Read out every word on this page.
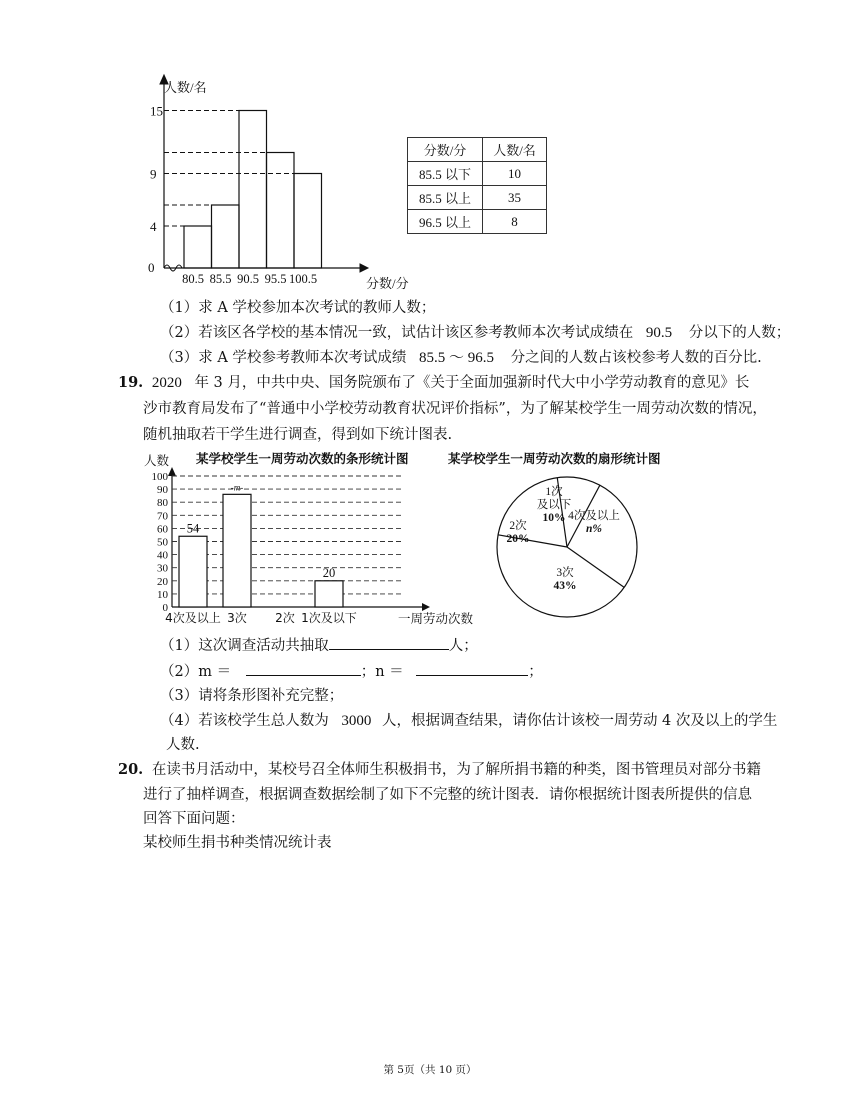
4
9
15
0
80.5 85.5 90.5 95.5 100.5
人数/名
分数/分
分数/分	人数/名
85.5 以下	10
85.5 以上	35
96.5 以上	8
（1）求 A 学校参加本次考试的教师人数；
（2）若该区各学校的基本情况一致，试估计该区参考教师本次考试成绩在 90.5 分以下的人数；
（3）求 A 学校参考教师本次考试成绩 85.5 ～ 96.5 分之间的人数占该校参考人数的百分比.
19. 2020 年 3 月，中共中央、国务院颁布了《关于全面加强新时代大中小学劳动教育的意见》长
沙市教育局发布了“普通中小学校劳动教育状况评价指标”，为了解某校学生一周劳动次数的情况，
随机抽取若干学生进行调查，得到如下统计图表.
某学校学生一周劳动次数的条形统计图
人数
一周劳动次数
0
10
20
30
40
50
60
70
80
90
100
54
4次及以上
-m-
3次 2次
20
1次及以下
某学校学生一周劳动次数的扇形统计图
1次
及以下
10% 4次及以上
n%
3次
43%
2次
20%
（1）这次调查活动共抽取	人；
（2）m ＝	；n ＝	；
（3）请将条形图补充完整；
（4）若该校学生总人数为 3000 人，根据调查结果，请你估计该校一周劳动 4 次及以上的学生
人数.
20. 在读书月活动中，某校号召全体师生积极捐书，为了解所捐书籍的种类，图书管理员对部分书籍
进行了抽样调查，根据调查数据绘制了如下不完整的统计图表．请你根据统计图表所提供的信息
回答下面问题：
某校师生捐书种类情况统计表
第 5页（共 10 页）
